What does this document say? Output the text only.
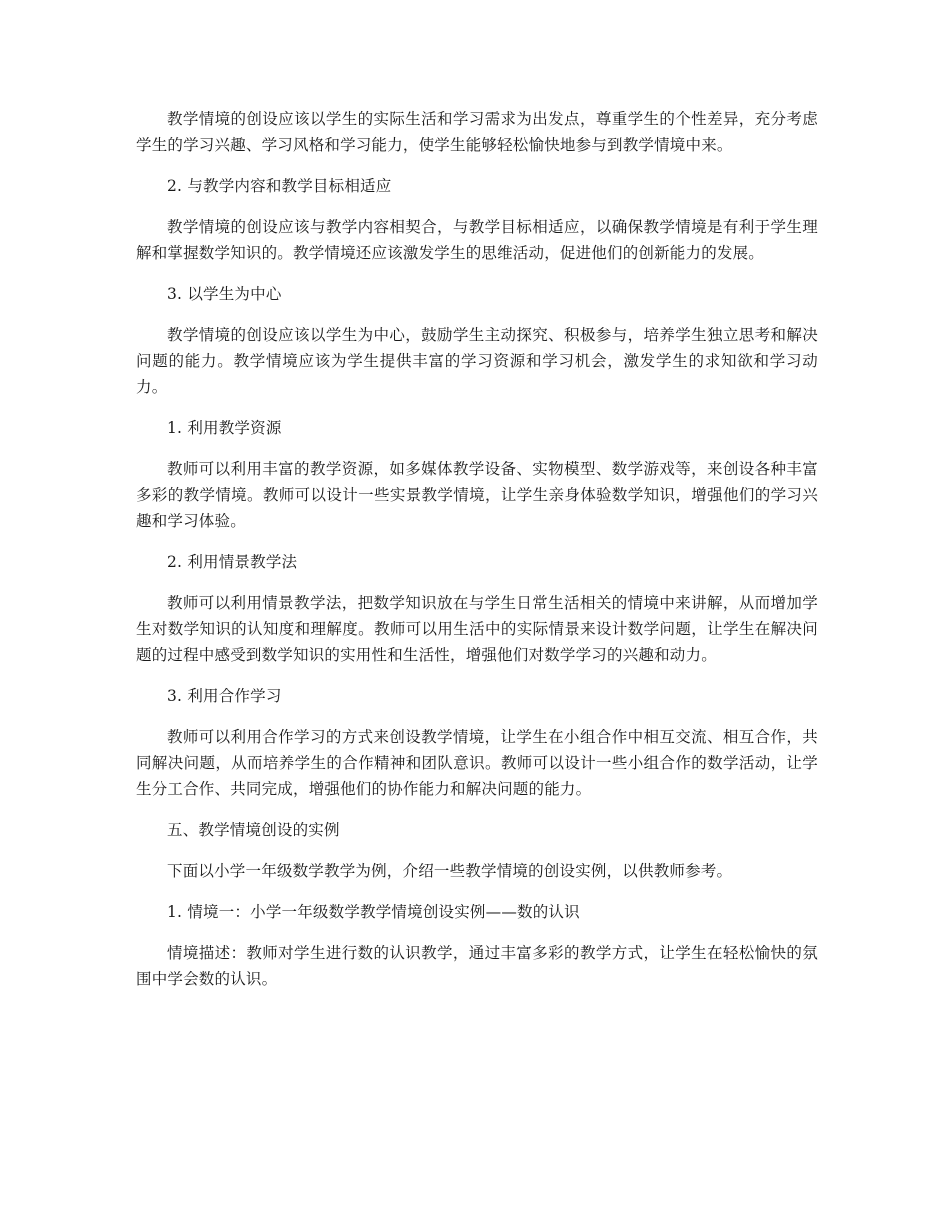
教学情境的创设应该以学生的实际生活和学习需求为出发点，尊重学生的个性差异，充分考虑学生的学习兴趣、学习风格和学习能力，使学生能够轻松愉快地参与到教学情境中来。

2. 与教学内容和教学目标相适应

教学情境的创设应该与教学内容相契合，与教学目标相适应，以确保教学情境是有利于学生理解和掌握数学知识的。教学情境还应该激发学生的思维活动，促进他们的创新能力的发展。

3. 以学生为中心

教学情境的创设应该以学生为中心，鼓励学生主动探究、积极参与，培养学生独立思考和解决问题的能力。教学情境应该为学生提供丰富的学习资源和学习机会，激发学生的求知欲和学习动力。

1. 利用教学资源

教师可以利用丰富的教学资源，如多媒体教学设备、实物模型、数学游戏等，来创设各种丰富多彩的教学情境。教师可以设计一些实景教学情境，让学生亲身体验数学知识，增强他们的学习兴趣和学习体验。

2. 利用情景教学法

教师可以利用情景教学法，把数学知识放在与学生日常生活相关的情境中来讲解，从而增加学生对数学知识的认知度和理解度。教师可以用生活中的实际情景来设计数学问题，让学生在解决问题的过程中感受到数学知识的实用性和生活性，增强他们对数学学习的兴趣和动力。

3. 利用合作学习

教师可以利用合作学习的方式来创设教学情境，让学生在小组合作中相互交流、相互合作，共同解决问题，从而培养学生的合作精神和团队意识。教师可以设计一些小组合作的数学活动，让学生分工合作、共同完成，增强他们的协作能力和解决问题的能力。

五、教学情境创设的实例

下面以小学一年级数学教学为例，介绍一些教学情境的创设实例，以供教师参考。

1. 情境一：小学一年级数学教学情境创设实例——数的认识

情境描述：教师对学生进行数的认识教学，通过丰富多彩的教学方式，让学生在轻松愉快的氛围中学会数的认识。
